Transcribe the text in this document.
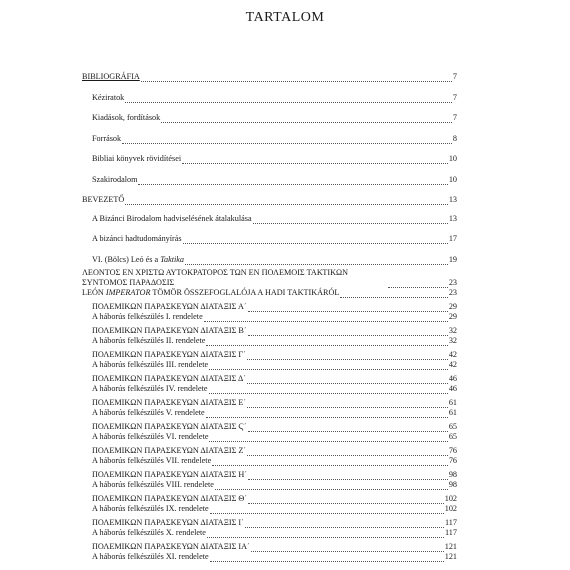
TARTALOM
BIBLIOGRÁFIA	7
Kéziratok	7
Kiadások, fordítások	7
Források	8
Bibliai könyvek rövidítései	10
Szakirodalom	10
BEVEZETŐ	13
A Bizánci Birodalom hadviselésének átalakulása	13
A bizánci hadtudományírás	17
VI. (Bölcs) Leó és a Taktika	19
ΛΕΟΝΤΟΣ ΕΝ ΧΡΙΣΤΩ ΑΥΤΟΚΡΑΤΟΡΟΣ ΤΩΝ ΕΝ ΠΟΛΕΜΟΙΣ ΤΑΚΤΙΚΩΝ ΣΥΝΤΟΜΟΣ ΠΑΡΑΔΟΣΙΣ	23
LEÓN IMPERATOR TÖMÖR ÖSSZEFOGLALÓJA A HADI TAKTIKÁRÓL	23
ΠΟΛΕΜΙΚΩΝ ΠΑΡΑΣΚΕΥΩΝ ΔΙΑΤΑΞΙΣ Α΄	29
A háborús felkészülés I. rendelete	29
ΠΟΛΕΜΙΚΩΝ ΠΑΡΑΣΚΕΥΩΝ ΔΙΑΤΑΞΙΣ Β΄	32
A háborús felkészülés II. rendelete	32
ΠΟΛΕΜΙΚΩΝ ΠΑΡΑΣΚΕΥΩΝ ΔΙΑΤΑΞΙΣ Γ΄	42
A háborús felkészülés III. rendelete	42
ΠΟΛΕΜΙΚΩΝ ΠΑΡΑΣΚΕΥΩΝ ΔΙΑΤΑΞΙΣ Δ΄	46
A háborús felkészülés IV. rendelete	46
ΠΟΛΕΜΙΚΩΝ ΠΑΡΑΣΚΕΥΩΝ ΔΙΑΤΑΞΙΣ Ε΄	61
A háborús felkészülés V. rendelete	61
ΠΟΛΕΜΙΚΩΝ ΠΑΡΑΣΚΕΥΩΝ ΔΙΑΤΑΞΙΣ Ϛ΄	65
A háborús felkészülés VI. rendelete	65
ΠΟΛΕΜΙΚΩΝ ΠΑΡΑΣΚΕΥΩΝ ΔΙΑΤΑΞΙΣ Ζ΄	76
A háborús felkészülés VII. rendelete	76
ΠΟΛΕΜΙΚΩΝ ΠΑΡΑΣΚΕΥΩΝ ΔΙΑΤΑΞΙΣ Η΄	98
A háborús felkészülés VIII. rendelete	98
ΠΟΛΕΜΙΚΩΝ ΠΑΡΑΣΚΕΥΩΝ ΔΙΑΤΑΞΙΣ Θ΄	102
A háborús felkészülés IX. rendelete	102
ΠΟΛΕΜΙΚΩΝ ΠΑΡΑΣΚΕΥΩΝ ΔΙΑΤΑΞΙΣ Ι΄	117
A háborús felkészülés X. rendelete	117
ΠΟΛΕΜΙΚΩΝ ΠΑΡΑΣΚΕΥΩΝ ΔΙΑΤΑΞΙΣ ΙΑ΄	121
A háborús felkészülés XI. rendelete	121
